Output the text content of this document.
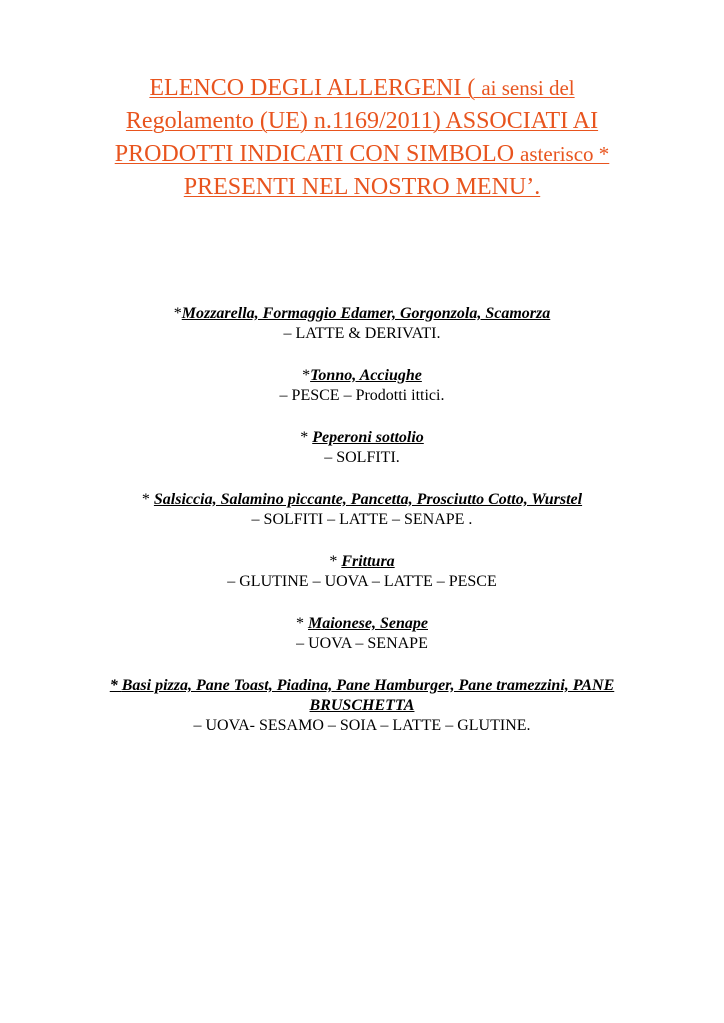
ELENCO DEGLI ALLERGENI ( ai sensi del
Regolamento (UE) n.1169/2011) ASSOCIATI AI
PRODOTTI INDICATI CON SIMBOLO asterisco *
PRESENTI NEL NOSTRO MENU’.
*Mozzarella, Formaggio Edamer, Gorgonzola, Scamorza
– LATTE & DERIVATI.
*Tonno, Acciughe
– PESCE – Prodotti ittici.
* Peperoni sottolio
– SOLFITI.
* Salsiccia, Salamino piccante, Pancetta, Prosciutto Cotto, Wurstel
– SOLFITI – LATTE – SENAPE .
* Frittura
– GLUTINE – UOVA – LATTE – PESCE
* Maionese, Senape
– UOVA – SENAPE
* Basi pizza, Pane Toast, Piadina, Pane Hamburger, Pane tramezzini, PANE
BRUSCHETTA
– UOVA- SESAMO – SOIA – LATTE – GLUTINE.
